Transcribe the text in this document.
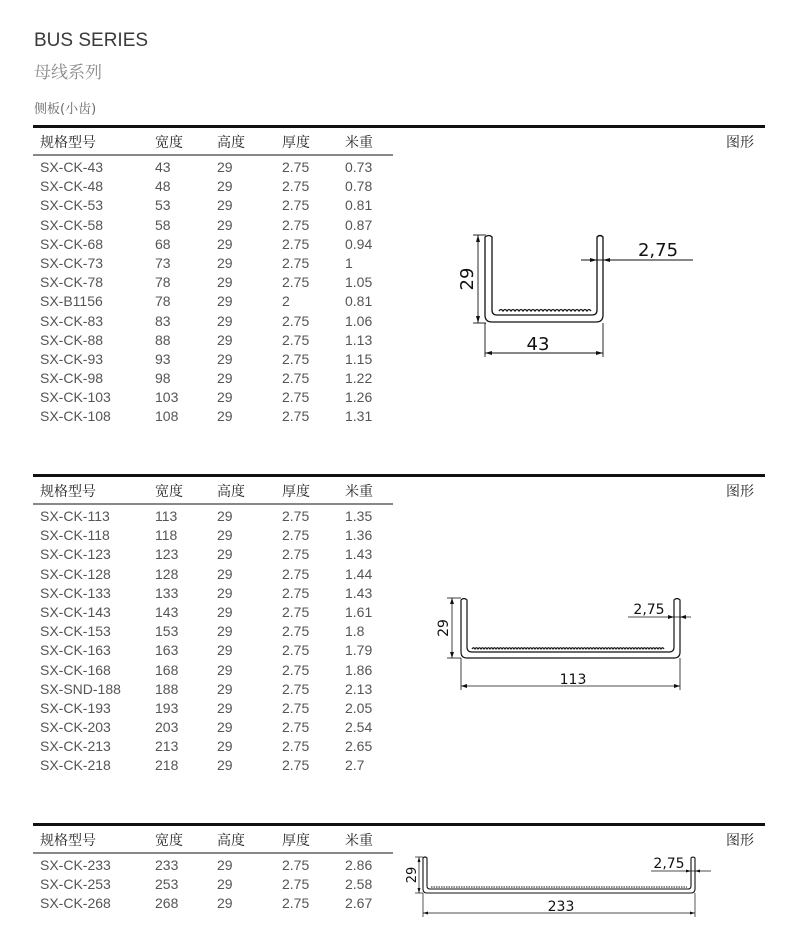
BUS SERIES
母线系列
侧板(小齿)
规格型号	宽度 高度	厚度	米重	图形
SX-CK-43	43	29	2.75	0.73
SX-CK-48	48	29	2.75	0.78
SX-CK-53	53	29	2.75	0.81
SX-CK-58	58	29	2.75	0.87
SX-CK-68	68	29	2.75	0.94
SX-CK-73	73	29	2.75	1
SX-CK-78	78	29	2.75	1.05
SX-B1156	78	29	2	0.81
SX-CK-83	83	29	2.75	1.06
SX-CK-88	88	29	2.75	1.13
SX-CK-93	93	29	2.75	1.15
SX-CK-98	98	29	2.75	1.22
SX-CK-103	103	29	2.75	1.26
SX-CK-108	108	29	2.75	1.31
43
2,75
29
规格型号	宽度 高度	厚度	米重	图形
SX-CK-113	113	29	2.75	1.35
SX-CK-118	118	29	2.75	1.36
SX-CK-123	123	29	2.75	1.43
SX-CK-128	128	29	2.75	1.44
SX-CK-133	133	29	2.75	1.43
SX-CK-143	143	29	2.75	1.61
SX-CK-153	153	29	2.75	1.8
SX-CK-163	163	29	2.75	1.79
SX-CK-168	168	29	2.75	1.86
SX-SND-188 188	29	2.75	2.13
SX-CK-193	193	29	2.75	2.05
SX-CK-203	203	29	2.75	2.54
SX-CK-213	213	29	2.75	2.65
SX-CK-218	218	29	2.75	2.7
113
2,75
29
规格型号	宽度 高度	厚度	米重	图形
SX-CK-233	233	29	2.75	2.86
SX-CK-253	253	29	2.75	2.58
SX-CK-268	268	29	2.75	2.67	233
2,75
29
